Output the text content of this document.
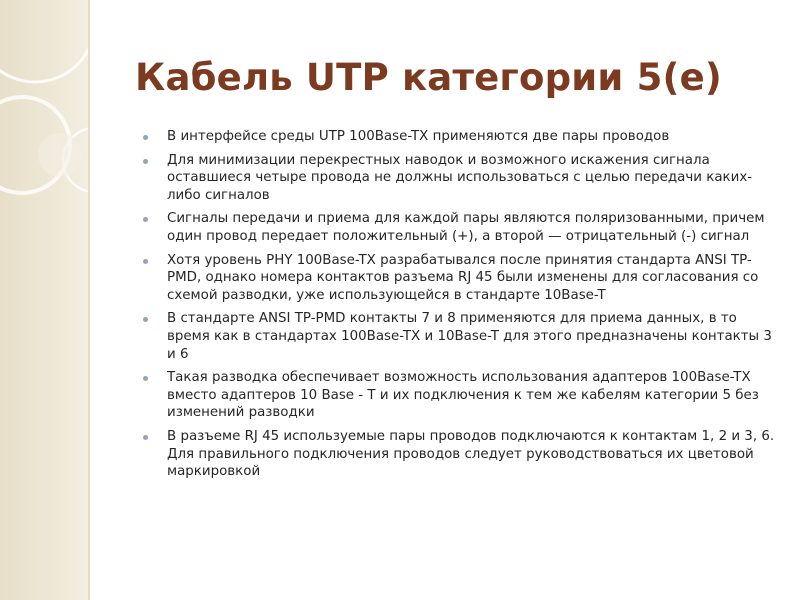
Кабель UTP категории 5(e)
В интерфейсе среды UTP 100Base-TX применяются две пары проводов
Для минимизации перекрестных наводок и возможного искажения сигнала оставшиеся четыре провода не должны использоваться с целью передачи каких-либо сигналов
Сигналы передачи и приема для каждой пары являются поляризованными, причем один провод передает положительный (+), а второй — отрицательный (-) сигнал
Хотя уровень PHY 100Base-TX разрабатывался после принятия стандарта ANSI TP-PMD, однако номера контактов разъема RJ 45 были изменены для согласования со схемой разводки, уже использующейся в стандарте 10Base-T
В стандарте ANSI TP-PMD контакты 7 и 8 применяются для приема данных, в то время как в стандартах 100Base-TX и 10Base-T для этого предназначены контакты 3 и 6
Такая разводка обеспечивает возможность использования адаптеров 100Base-TX вместо адаптеров 10 Base - T и их подключения к тем же кабелям категории 5 без изменений разводки
В разъеме RJ 45 используемые пары проводов подключаются к контактам 1, 2 и 3, 6. Для правильного подключения проводов следует руководствоваться их цветовой маркировкой
